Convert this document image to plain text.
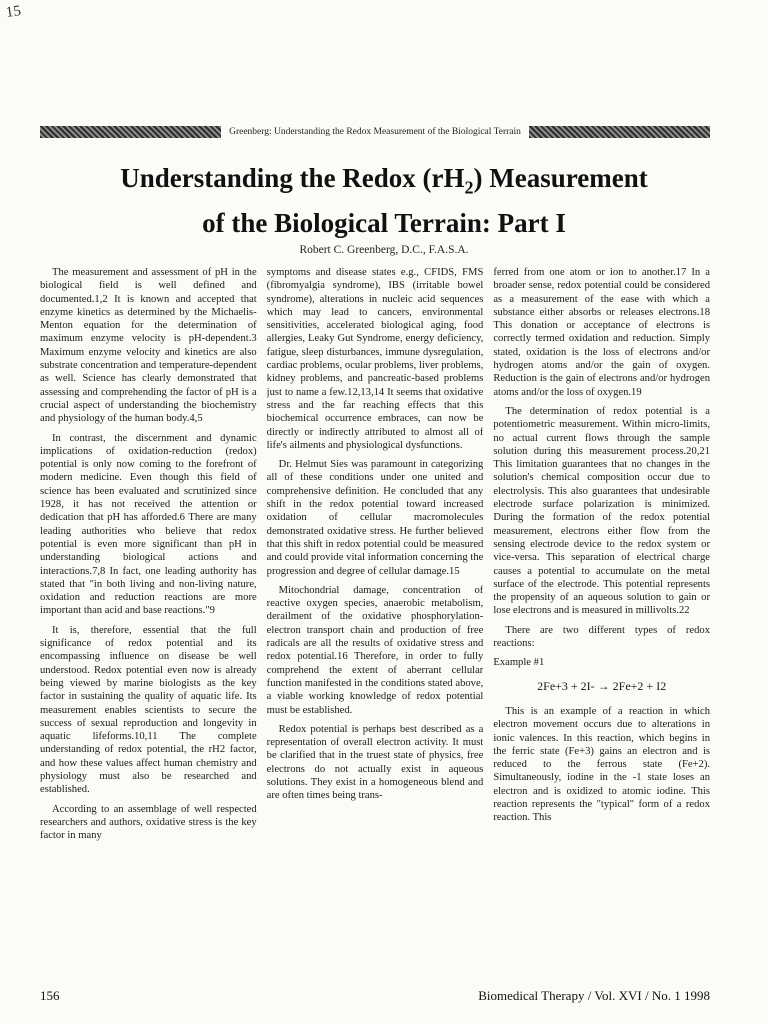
15
Greenberg: Understanding the Redox Measurement of the Biological Terrain
Understanding the Redox $(rH_2)$ Measurement
of the Biological Terrain: Part I
Robert C. Greenberg, D.C., F.A.S.A.

The measurement and assessment of pH in the biological field is well defined and documented.1,2 It is known and accepted that enzyme kinetics as determined by the Michaelis-Menton equation for the determination of maximum enzyme velocity is pH-dependent.3 Maximum enzyme velocity and kinetics are also substrate concentration and temperature-dependent as well. Science has clearly demonstrated that assessing and comprehending the factor of pH is a crucial aspect of understanding the biochemistry and physiology of the human body.4,5

In contrast, the discernment and dynamic implications of oxidation-reduction (redox) potential is only now coming to the forefront of modern medicine. Even though this field of science has been evaluated and scrutinized since 1928, it has not received the attention or dedication that pH has afforded.6 There are many leading authorities who believe that redox potential is even more significant than pH in understanding biological actions and interactions.7,8 In fact, one leading authority has stated that "in both living and non-living nature, oxidation and reduction reactions are more important than acid and base reactions."9

It is, therefore, essential that the full significance of redox potential and its encompassing influence on disease be well understood. Redox potential even now is already being viewed by marine biologists as the key factor in sustaining the quality of aquatic life. Its measurement enables scientists to secure the success of sexual reproduction and longevity in aquatic lifeforms.10,11 The complete understanding of redox potential, the rH2 factor, and how these values affect human chemistry and physiology must also be researched and established.

According to an assemblage of well respected researchers and authors, oxidative stress is the key factor in many

symptoms and disease states e.g., CFIDS, FMS (fibromyalgia syndrome), IBS (irritable bowel syndrome), alterations in nucleic acid sequences which may lead to cancers, environmental sensitivities, accelerated biological aging, food allergies, Leaky Gut Syndrome, energy deficiency, fatigue, sleep disturbances, immune dysregulation, cardiac problems, ocular problems, liver problems, kidney problems, and pancreatic-based problems just to name a few.12,13,14 It seems that oxidative stress and the far reaching effects that this biochemical occurrence embraces, can now be directly or indirectly attributed to almost all of life's ailments and physiological dysfunctions.

Dr. Helmut Sies was paramount in categorizing all of these conditions under one united and comprehensive definition. He concluded that any shift in the redox potential toward increased oxidation of cellular macromolecules demonstrated oxidative stress. He further believed that this shift in redox potential could be measured and could provide vital information concerning the progression and degree of cellular damage.15

Mitochondrial damage, concentration of reactive oxygen species, anaerobic metabolism, derailment of the oxidative phosphorylation-electron transport chain and production of free radicals are all the results of oxidative stress and redox potential.16 Therefore, in order to fully comprehend the extent of aberrant cellular function manifested in the conditions stated above, a viable working knowledge of redox potential must be established.

Redox potential is perhaps best described as a representation of overall electron activity. It must be clarified that in the truest state of physics, free electrons do not actually exist in aqueous solutions. They exist in a homogeneous blend and are often times being trans-

ferred from one atom or ion to another.17 In a broader sense, redox potential could be considered as a measurement of the ease with which a substance either absorbs or releases electrons.18 This donation or acceptance of electrons is correctly termed oxidation and reduction. Simply stated, oxidation is the loss of electrons and/or hydrogen atoms and/or the gain of oxygen. Reduction is the gain of electrons and/or hydrogen atoms and/or the loss of oxygen.19

The determination of redox potential is a potentiometric measurement. Within micro-limits, no actual current flows through the sample solution during this measurement process.20,21 This limitation guarantees that no changes in the solution's chemical composition occur due to electrolysis. This also guarantees that undesirable electrode surface polarization is minimized. During the formation of the redox potential measurement, electrons either flow from the sensing electrode device to the redox system or vice-versa. This separation of electrical charge causes a potential to accumulate on the metal surface of the electrode. This potential represents the propensity of an aqueous solution to gain or lose electrons and is measured in millivolts.22

There are two different types of redox reactions:

Example #1

2Fe+3 + 2I- → 2Fe+2 + I2

This is an example of a reaction in which electron movement occurs due to alterations in ionic valences. In this reaction, which begins in the ferric state (Fe+3) gains an electron and is reduced to the ferrous state (Fe+2). Simultaneously, iodine in the -1 state loses an electron and is oxidized to atomic iodine. This reaction represents the "typical" form of a redox reaction. This

156	Biomedical Therapy / Vol. XVI / No. 1 1998
